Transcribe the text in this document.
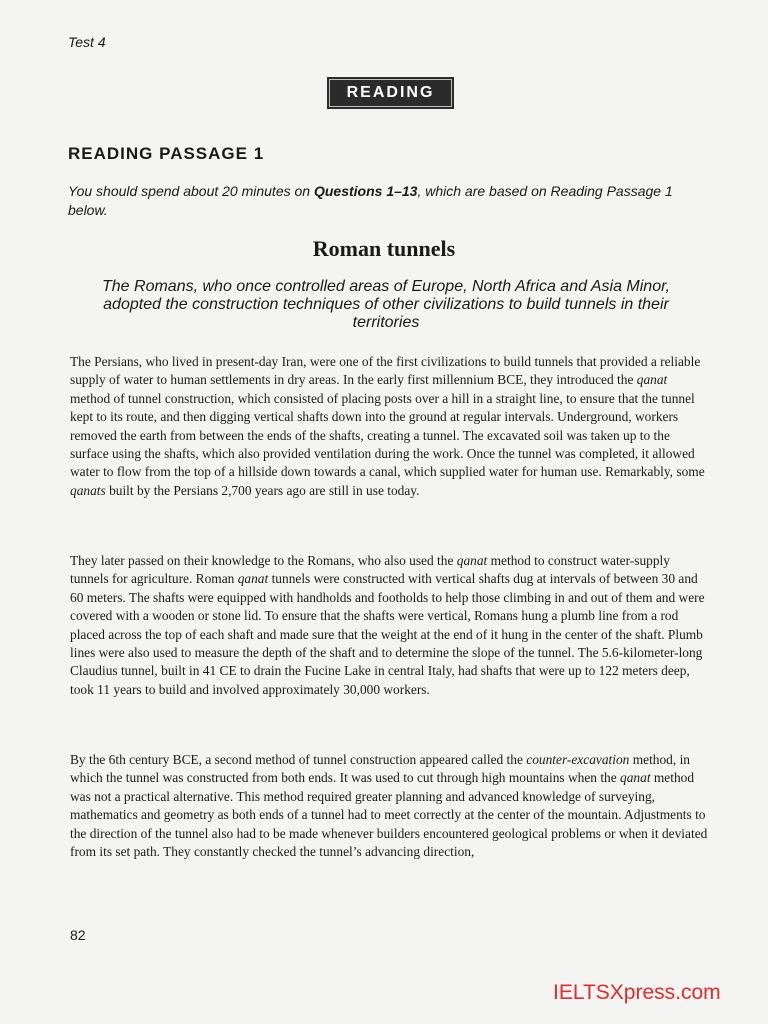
Test 4
READING
READING PASSAGE 1
You should spend about 20 minutes on Questions 1–13, which are based on Reading Passage 1 below.
Roman tunnels
The Romans, who once controlled areas of Europe, North Africa and Asia Minor, adopted the construction techniques of other civilizations to build tunnels in their territories
The Persians, who lived in present-day Iran, were one of the first civilizations to build tunnels that provided a reliable supply of water to human settlements in dry areas. In the early first millennium BCE, they introduced the qanat method of tunnel construction, which consisted of placing posts over a hill in a straight line, to ensure that the tunnel kept to its route, and then digging vertical shafts down into the ground at regular intervals. Underground, workers removed the earth from between the ends of the shafts, creating a tunnel. The excavated soil was taken up to the surface using the shafts, which also provided ventilation during the work. Once the tunnel was completed, it allowed water to flow from the top of a hillside down towards a canal, which supplied water for human use. Remarkably, some qanats built by the Persians 2,700 years ago are still in use today.
They later passed on their knowledge to the Romans, who also used the qanat method to construct water-supply tunnels for agriculture. Roman qanat tunnels were constructed with vertical shafts dug at intervals of between 30 and 60 meters. The shafts were equipped with handholds and footholds to help those climbing in and out of them and were covered with a wooden or stone lid. To ensure that the shafts were vertical, Romans hung a plumb line from a rod placed across the top of each shaft and made sure that the weight at the end of it hung in the center of the shaft. Plumb lines were also used to measure the depth of the shaft and to determine the slope of the tunnel. The 5.6-kilometer-long Claudius tunnel, built in 41 CE to drain the Fucine Lake in central Italy, had shafts that were up to 122 meters deep, took 11 years to build and involved approximately 30,000 workers.
By the 6th century BCE, a second method of tunnel construction appeared called the counter-excavation method, in which the tunnel was constructed from both ends. It was used to cut through high mountains when the qanat method was not a practical alternative. This method required greater planning and advanced knowledge of surveying, mathematics and geometry as both ends of a tunnel had to meet correctly at the center of the mountain. Adjustments to the direction of the tunnel also had to be made whenever builders encountered geological problems or when it deviated from its set path. They constantly checked the tunnel’s advancing direction,
82
IELTSXpress.com
